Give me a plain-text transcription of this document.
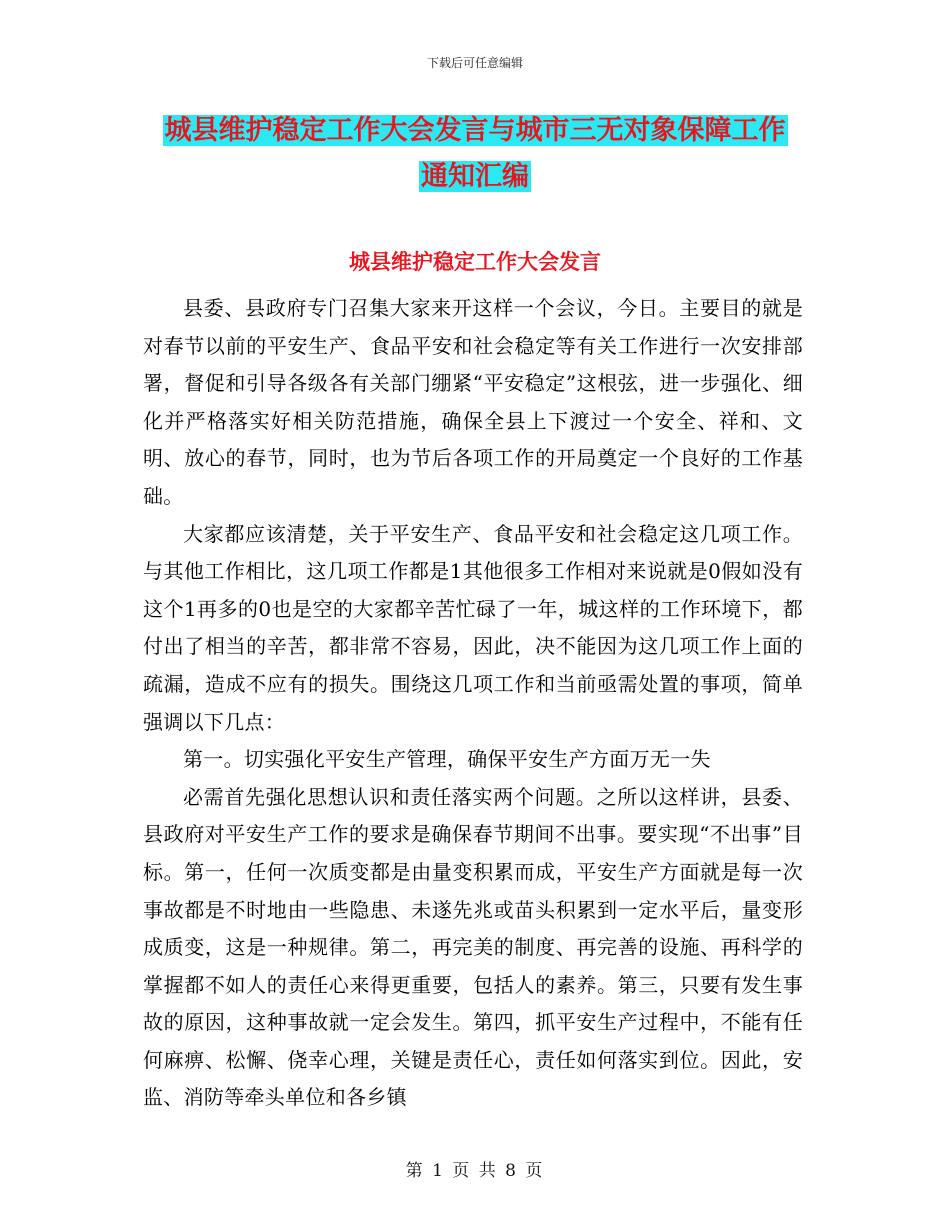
下载后可任意编辑
城县维护稳定工作大会发言与城市三无对象保障工作
通知汇编
城县维护稳定工作大会发言

县委、县政府专门召集大家来开这样一个会议，今日。主要目的就是对春节以前的平安生产、食品平安和社会稳定等有关工作进行一次安排部署，督促和引导各级各有关部门绷紧“平安稳定”这根弦，进一步强化、细化并严格落实好相关防范措施，确保全县上下渡过一个安全、祥和、文明、放心的春节，同时，也为节后各项工作的开局奠定一个良好的工作基础。

大家都应该清楚，关于平安生产、食品平安和社会稳定这几项工作。与其他工作相比，这几项工作都是1其他很多工作相对来说就是0假如没有这个1再多的0也是空的大家都辛苦忙碌了一年，城这样的工作环境下，都付出了相当的辛苦，都非常不容易，因此，决不能因为这几项工作上面的疏漏，造成不应有的损失。围绕这几项工作和当前亟需处置的事项，简单强调以下几点：

第一。切实强化平安生产管理，确保平安生产方面万无一失

必需首先强化思想认识和责任落实两个问题。之所以这样讲，县委、县政府对平安生产工作的要求是确保春节期间不出事。要实现“不出事”目标。第一，任何一次质变都是由量变积累而成，平安生产方面就是每一次事故都是不时地由一些隐患、未遂先兆或苗头积累到一定水平后，量变形成质变，这是一种规律。第二，再完美的制度、再完善的设施、再科学的掌握都不如人的责任心来得更重要，包括人的素养。第三，只要有发生事故的原因，这种事故就一定会发生。第四，抓平安生产过程中，不能有任何麻痹、松懈、侥幸心理，关键是责任心，责任如何落实到位。因此，安监、消防等牵头单位和各乡镇

第 1 页 共 8 页
